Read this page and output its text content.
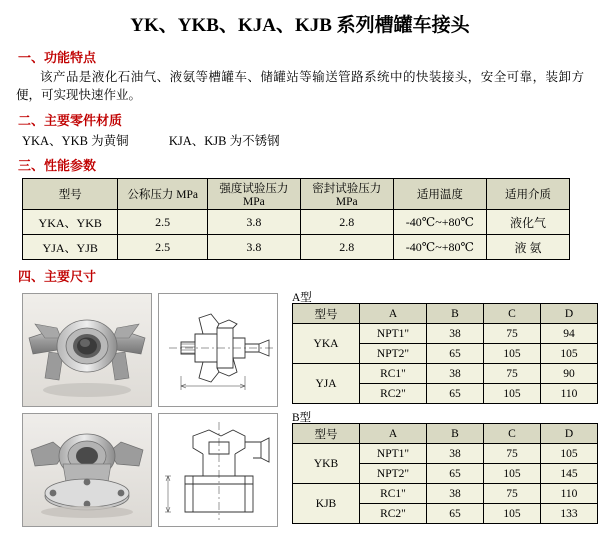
YK、YKB、KJA、KJB 系列槽罐车接头
一、功能特点
该产品是液化石油气、液氨等槽罐车、储罐站等输送管路系统中的快装接头，安全可靠，装卸方便，可实现快速作业。
二、主要零件材质
YKA、YKB 为黄铜	KJA、KJB 为不锈钢
三、性能参数
型号	公称压力 MPa	强度试验压力 MPa	密封试验压力 MPa	适用温度	适用介质
YKA、YKB	2.5	3.8	2.8	-40℃~+80℃	液化气
YJA、YJB	2.5	3.8	2.8	-40℃~+80℃	液 氨
四、主要尺寸
A型
型号	A	B	C	D
YKA	NPT1"	38	75	94
	NPT2"	65	105	105
YJA	RC1"	38	75	90
	RC2"	65	105	110
B型
型号	A	B	C	D
YKB	NPT1"	38	75	105
	NPT2"	65	105	145
KJB	RC1"	38	75	110
	RC2"	65	105	133
